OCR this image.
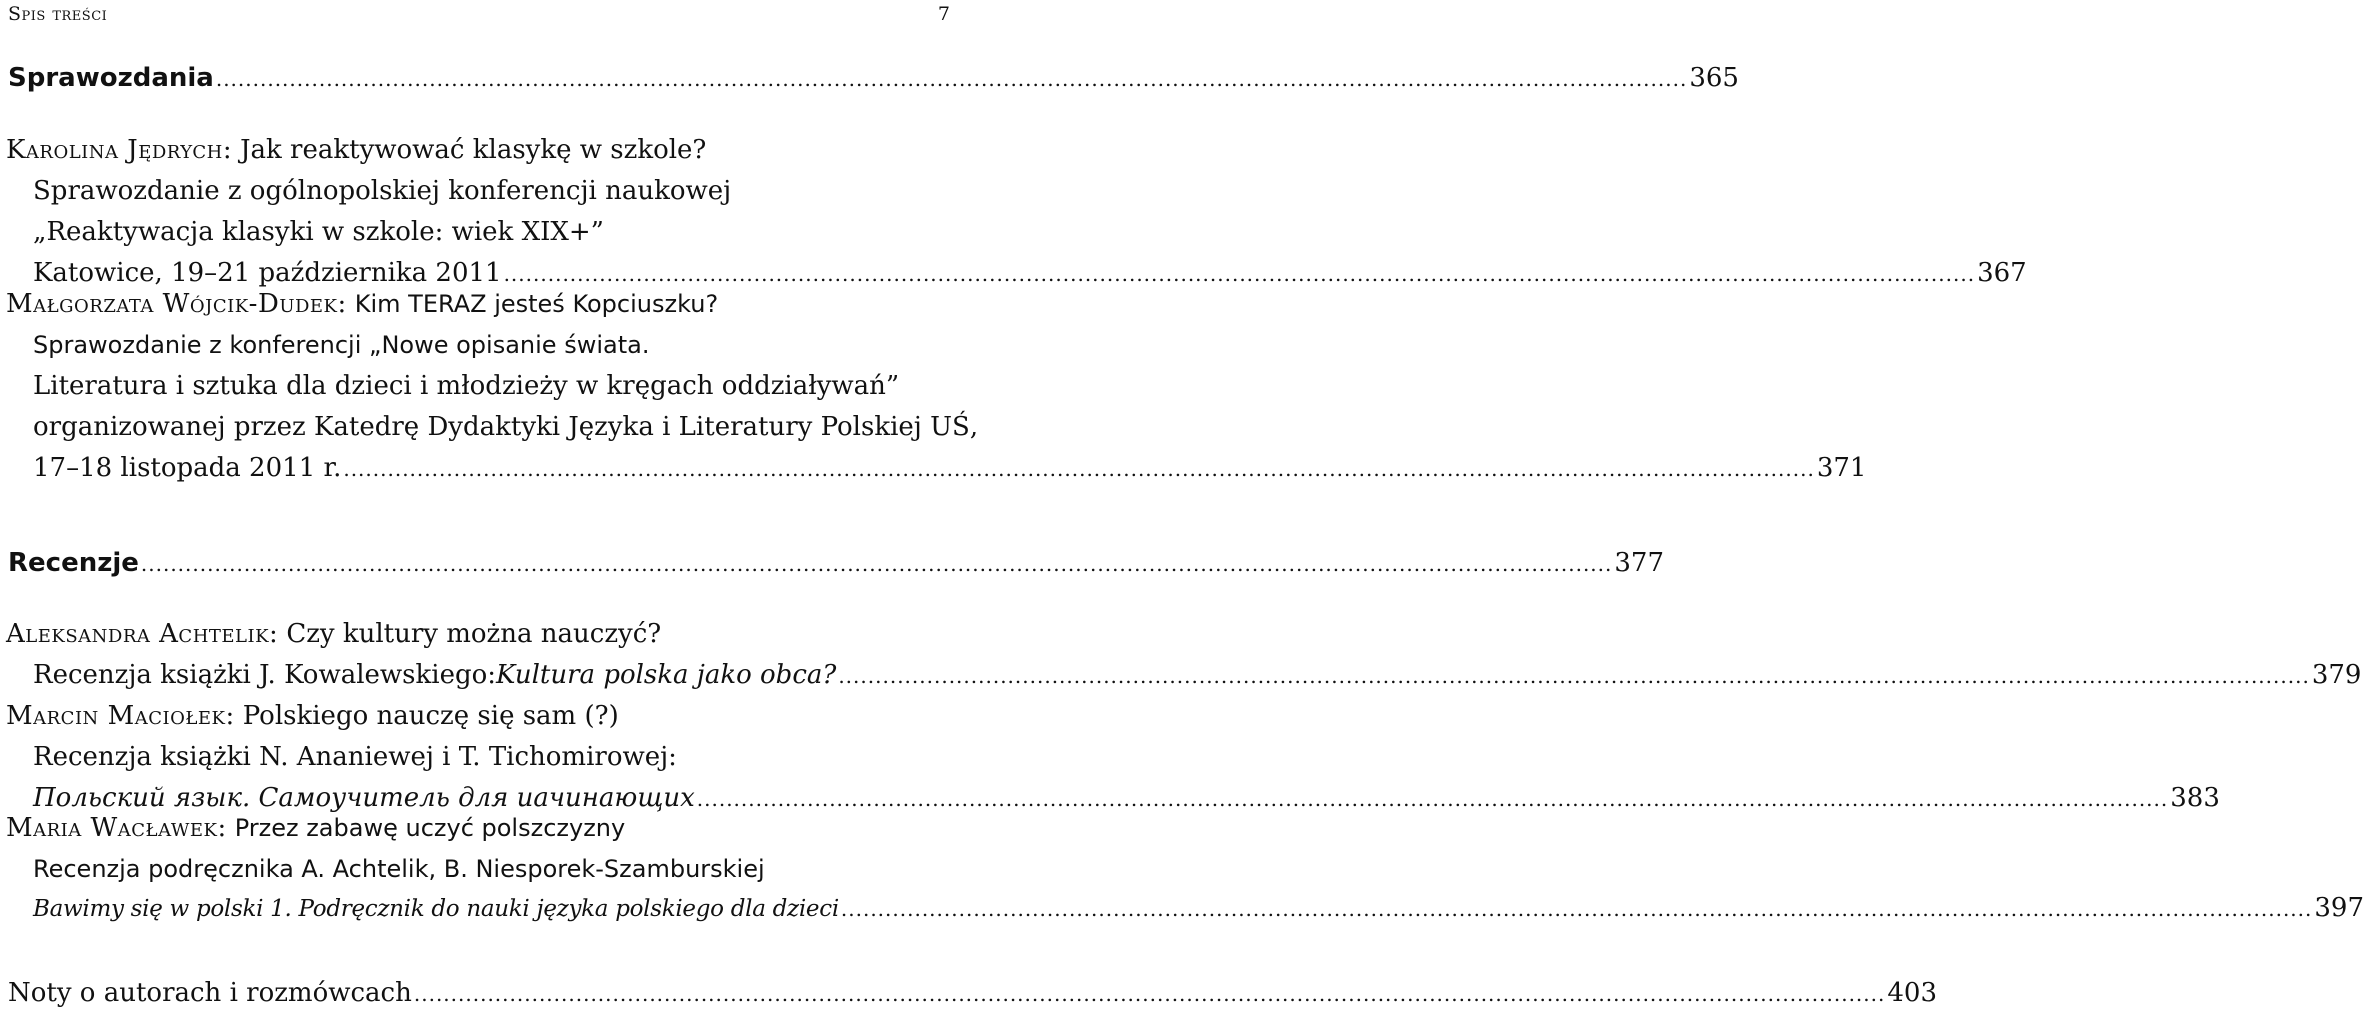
Spis treści	7
Sprawozdania ........................................................................................................................................................................................................ 365
Karolina Jędrych: Jak reaktywować klasykę w szkole?
Sprawozdanie z ogólnopolskiej konferencji naukowej
„Reaktywacja klasyki w szkole: wiek XIX+”
Katowice, 19–21 października 2011 ........................................................................................................................................................................................................ 367
Małgorzata Wójcik-Dudek: Kim TERAZ jesteś Kopciuszku?
Sprawozdanie z konferencji „Nowe opisanie świata.
Literatura i sztuka dla dzieci i młodzieży w kręgach oddziaływań”
organizowanej przez Katedrę Dydaktyki Języka i Literatury Polskiej UŚ,
17–18 listopada 2011 r. ........................................................................................................................................................................................................ 371
Recenzje ........................................................................................................................................................................................................ 377
Aleksandra Achtelik: Czy kultury można nauczyć?
Recenzja książki J. Kowalewskiego: Kultura polska jako obca? ........................................................................................................................................................................................................ 379
Marcin Maciołek: Polskiego nauczę się sam (?)
Recenzja książki N. Ananiewej i T. Tichomirowej:
Польский язык. Самоучитель для иачинающих ........................................................................................................................................................................................................ 383
Maria Wacławek: Przez zabawę uczyć polszczyzny
Recenzja podręcznika A. Achtelik, B. Niesporek-Szamburskiej
Bawimy się w polski 1. Podręcznik do nauki języka polskiego dla dzieci ........................................................................................................................................................................................................ 397
Noty o autorach i rozmówcach ........................................................................................................................................................................................................ 403
